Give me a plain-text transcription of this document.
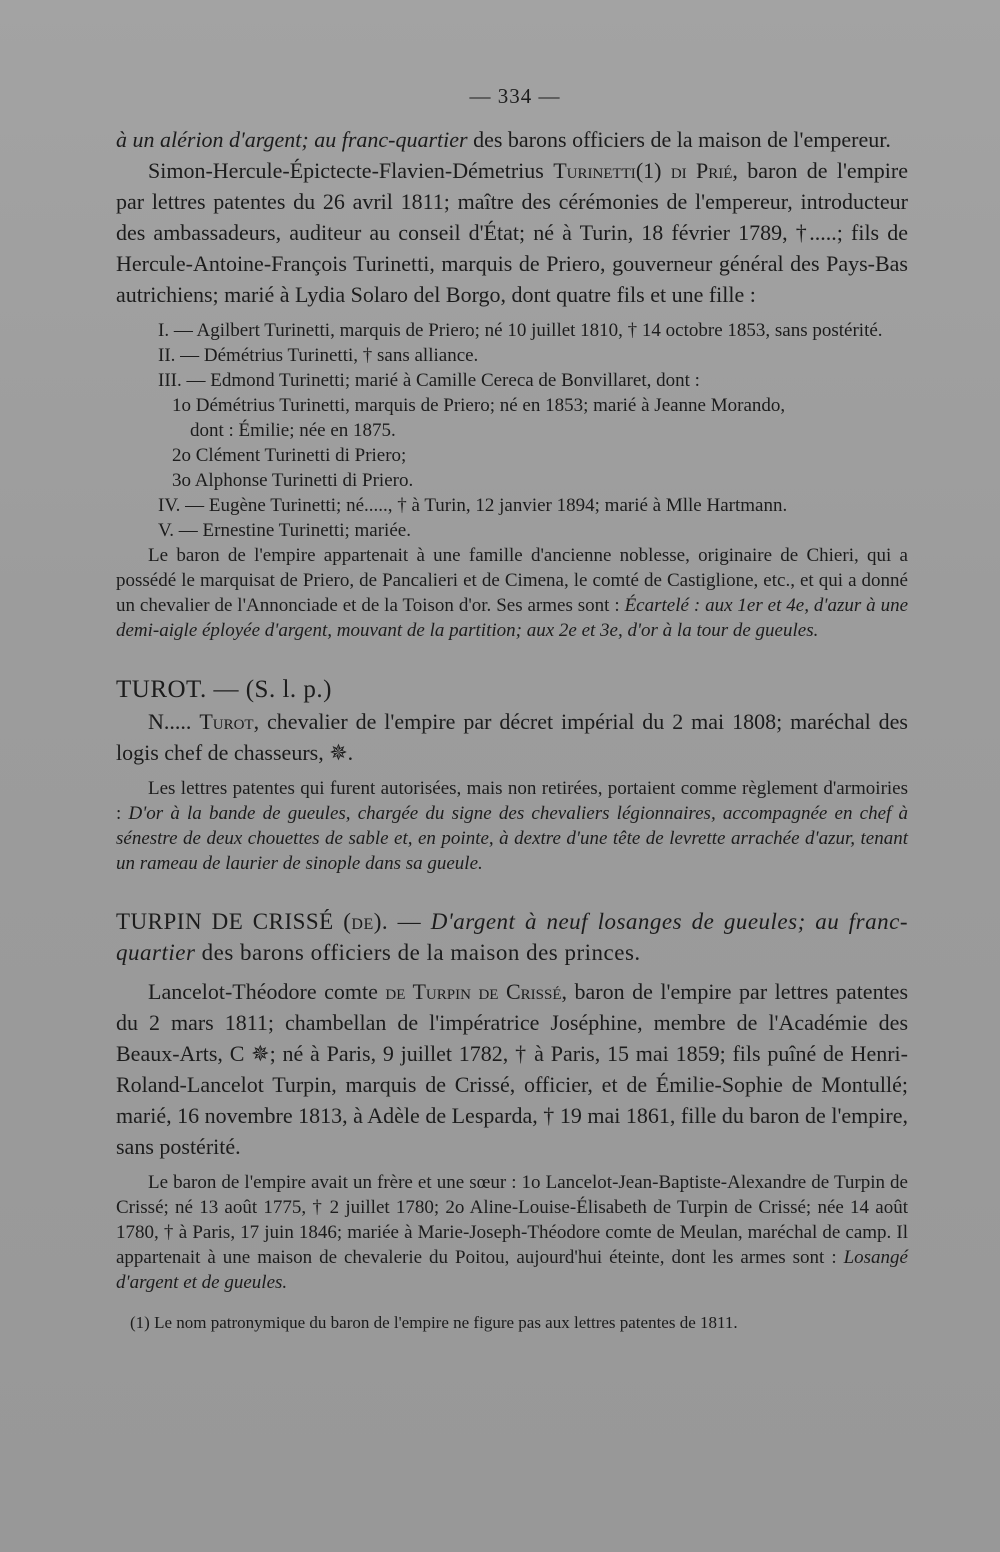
— 334 —

à un alérion d'argent; au franc-quartier des barons officiers de la maison de l'empereur.

Simon-Hercule-Épictecte-Flavien-Démetrius Turinetti(1) di Prié, baron de l'empire par lettres patentes du 26 avril 1811; maître des cérémonies de l'empereur, introducteur des ambassadeurs, auditeur au conseil d'État; né à Turin, 18 février 1789, †.....; fils de Hercule-Antoine-François Turinetti, marquis de Priero, gouverneur général des Pays-Bas autrichiens; marié à Lydia Solaro del Borgo, dont quatre fils et une fille :

I. — Agilbert Turinetti, marquis de Priero; né 10 juillet 1810, † 14 octobre 1853, sans postérité.

II. — Démétrius Turinetti, † sans alliance.

III. — Edmond Turinetti; marié à Camille Cereca de Bonvillaret, dont :

1o Démétrius Turinetti, marquis de Priero; né en 1853; marié à Jeanne Morando,

dont : Émilie; née en 1875.

2o Clément Turinetti di Priero;

3o Alphonse Turinetti di Priero.

IV. — Eugène Turinetti; né....., † à Turin, 12 janvier 1894; marié à Mlle Hartmann.

V. — Ernestine Turinetti; mariée.

Le baron de l'empire appartenait à une famille d'ancienne noblesse, originaire de Chieri, qui a possédé le marquisat de Priero, de Pancalieri et de Cimena, le comté de Castiglione, etc., et qui a donné un chevalier de l'Annonciade et de la Toison d'or. Ses armes sont : Écartelé : aux 1er et 4e, d'azur à une demi-aigle éployée d'argent, mouvant de la partition; aux 2e et 3e, d'or à la tour de gueules.

TUROT. — (S. l. p.)

N..... Turot, chevalier de l'empire par décret impérial du 2 mai 1808; maréchal des logis chef de chasseurs, ✵.

Les lettres patentes qui furent autorisées, mais non retirées, portaient comme règlement d'armoiries : D'or à la bande de gueules, chargée du signe des chevaliers légionnaires, accompagnée en chef à sénestre de deux chouettes de sable et, en pointe, à dextre d'une tête de levrette arrachée d'azur, tenant un rameau de laurier de sinople dans sa gueule.

TURPIN DE CRISSÉ (de). — D'argent à neuf losanges de gueules; au franc-quartier des barons officiers de la maison des princes.

Lancelot-Théodore comte de Turpin de Crissé, baron de l'empire par lettres patentes du 2 mars 1811; chambellan de l'impératrice Joséphine, membre de l'Académie des Beaux-Arts, C ✵; né à Paris, 9 juillet 1782, † à Paris, 15 mai 1859; fils puîné de Henri-Roland-Lancelot Turpin, marquis de Crissé, officier, et de Émilie-Sophie de Montullé; marié, 16 novembre 1813, à Adèle de Lesparda, † 19 mai 1861, fille du baron de l'empire, sans postérité.

Le baron de l'empire avait un frère et une sœur : 1o Lancelot-Jean-Baptiste-Alexandre de Turpin de Crissé; né 13 août 1775, † 2 juillet 1780; 2o Aline-Louise-Élisabeth de Turpin de Crissé; née 14 août 1780, † à Paris, 17 juin 1846; mariée à Marie-Joseph-Théodore comte de Meulan, maréchal de camp. Il appartenait à une maison de chevalerie du Poitou, aujourd'hui éteinte, dont les armes sont : Losangé d'argent et de gueules.

(1) Le nom patronymique du baron de l'empire ne figure pas aux lettres patentes de 1811.
